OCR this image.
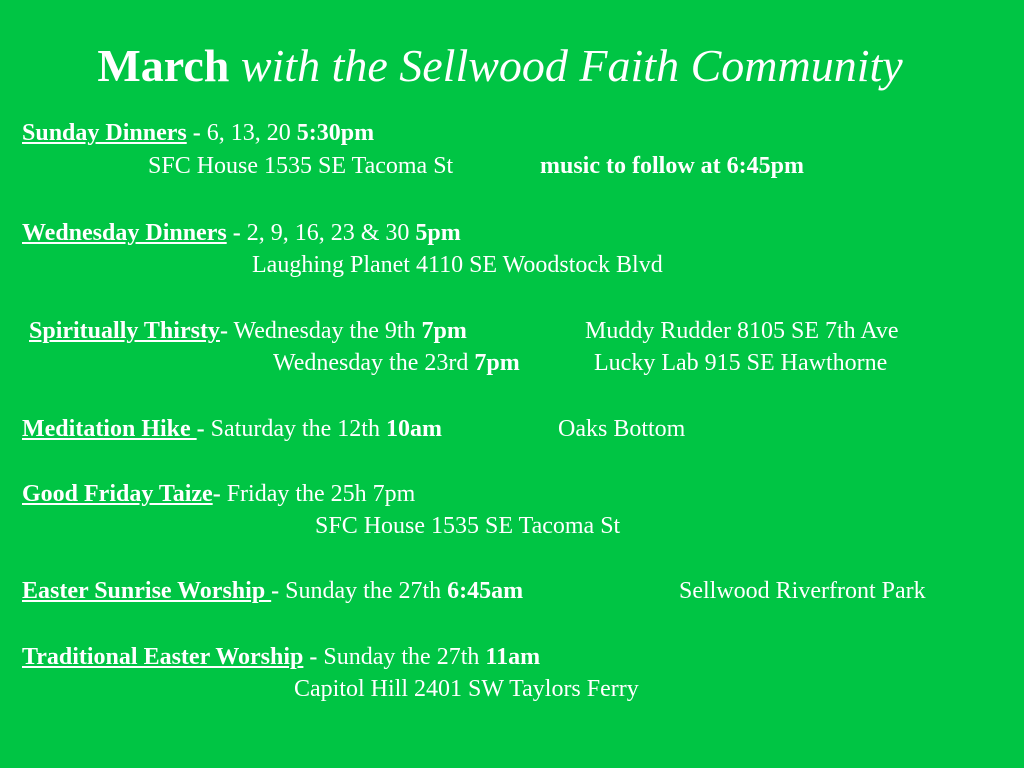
March with the Sellwood Faith Community
Sunday Dinners - 6, 13, 20 5:30pm
SFC House 1535 SE Tacoma St	music to follow at 6:45pm
Wednesday Dinners - 2, 9, 16, 23 & 30 5pm
Laughing Planet 4110 SE Woodstock Blvd
Spiritually Thirsty- Wednesday the 9th 7pm	Muddy Rudder 8105 SE 7th Ave
Wednesday the 23rd 7pm	Lucky Lab 915 SE Hawthorne
Meditation Hike - Saturday the 12th 10am	Oaks Bottom
Good Friday Taize- Friday the 25h 7pm
SFC House 1535 SE Tacoma St
Easter Sunrise Worship - Sunday the 27th 6:45am	Sellwood Riverfront Park
Traditional Easter Worship - Sunday the 27th 11am
Capitol Hill 2401 SW Taylors Ferry
